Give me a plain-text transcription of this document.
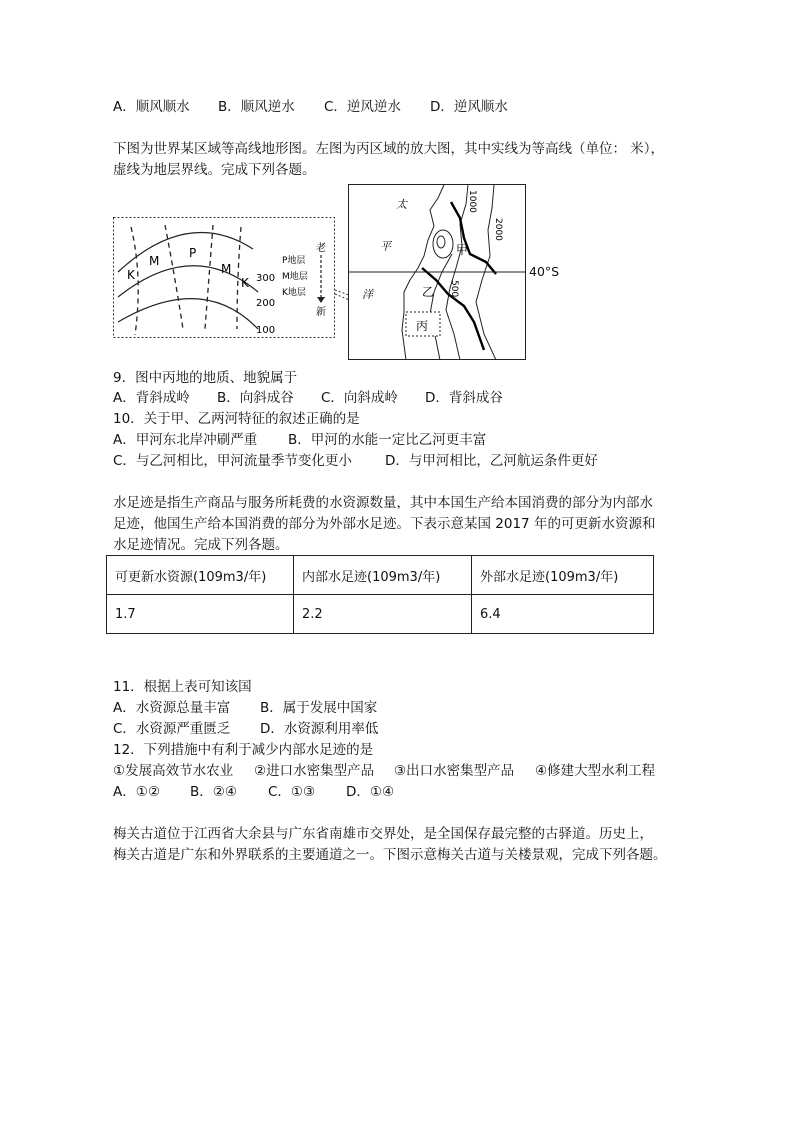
A．顺风顺水 B．顺风逆水 C．逆风逆水 D．逆风顺水
下图为世界某区域等高线地形图。左图为丙区域的放大图，其中实线为等高线（单位： 米），
虚线为地层界线。完成下列各题。
K
M
P
M
K 300
200
100
P地层
M地层
K地层
老
新
太
平
洋
甲
乙
丙
1000
2000
500
40°S
9．图中丙地的地质、地貌属于
A．背斜成岭 B．向斜成谷 C．向斜成岭 D．背斜成谷
10．关于甲、乙两河特征的叙述正确的是
A．甲河东北岸冲刷严重 B．甲河的水能一定比乙河更丰富
C．与乙河相比，甲河流量季节变化更小 D．与甲河相比，乙河航运条件更好
水足迹是指生产商品与服务所耗费的水资源数量，其中本国生产给本国消费的部分为内部水
足迹，他国生产给本国消费的部分为外部水足迹。下表示意某国 2017 年的可更新水资源和
水足迹情况。完成下列各题。
可更新水资源(109m3/年)	内部水足迹(109m3/年)	外部水足迹(109m3/年)
1.7	2.2	6.4
11．根据上表可知该国
A．水资源总量丰富 B．属于发展中国家
C．水资源严重匮乏 D．水资源利用率低
12．下列措施中有利于减少内部水足迹的是
①发展高效节水农业 ②进口水密集型产品 ③出口水密集型产品 ④修建大型水利工程
A．①② B．②④ C．①③ D．①④
梅关古道位于江西省大余县与广东省南雄市交界处，是全国保存最完整的古驿道。历史上，
梅关古道是广东和外界联系的主要通道之一。下图示意梅关古道与关楼景观，完成下列各题。
